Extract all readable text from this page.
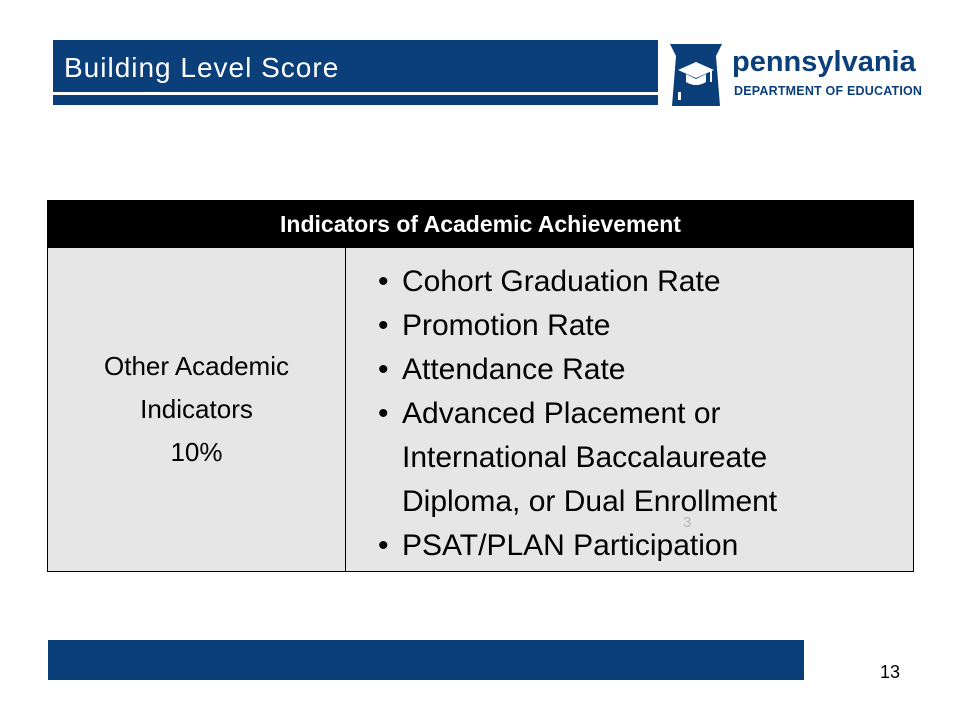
Building Level Score	pennsylvania
DEPARTMENT OF EDUCATION
Indicators of Academic Achievement
Other Academic
Indicators
10%
• Cohort Graduation Rate
• Promotion Rate
• Attendance Rate
• Advanced Placement or
International Baccalaureate
Diploma, or Dual Enrollment
• PSAT/PLAN Participation
3
13
